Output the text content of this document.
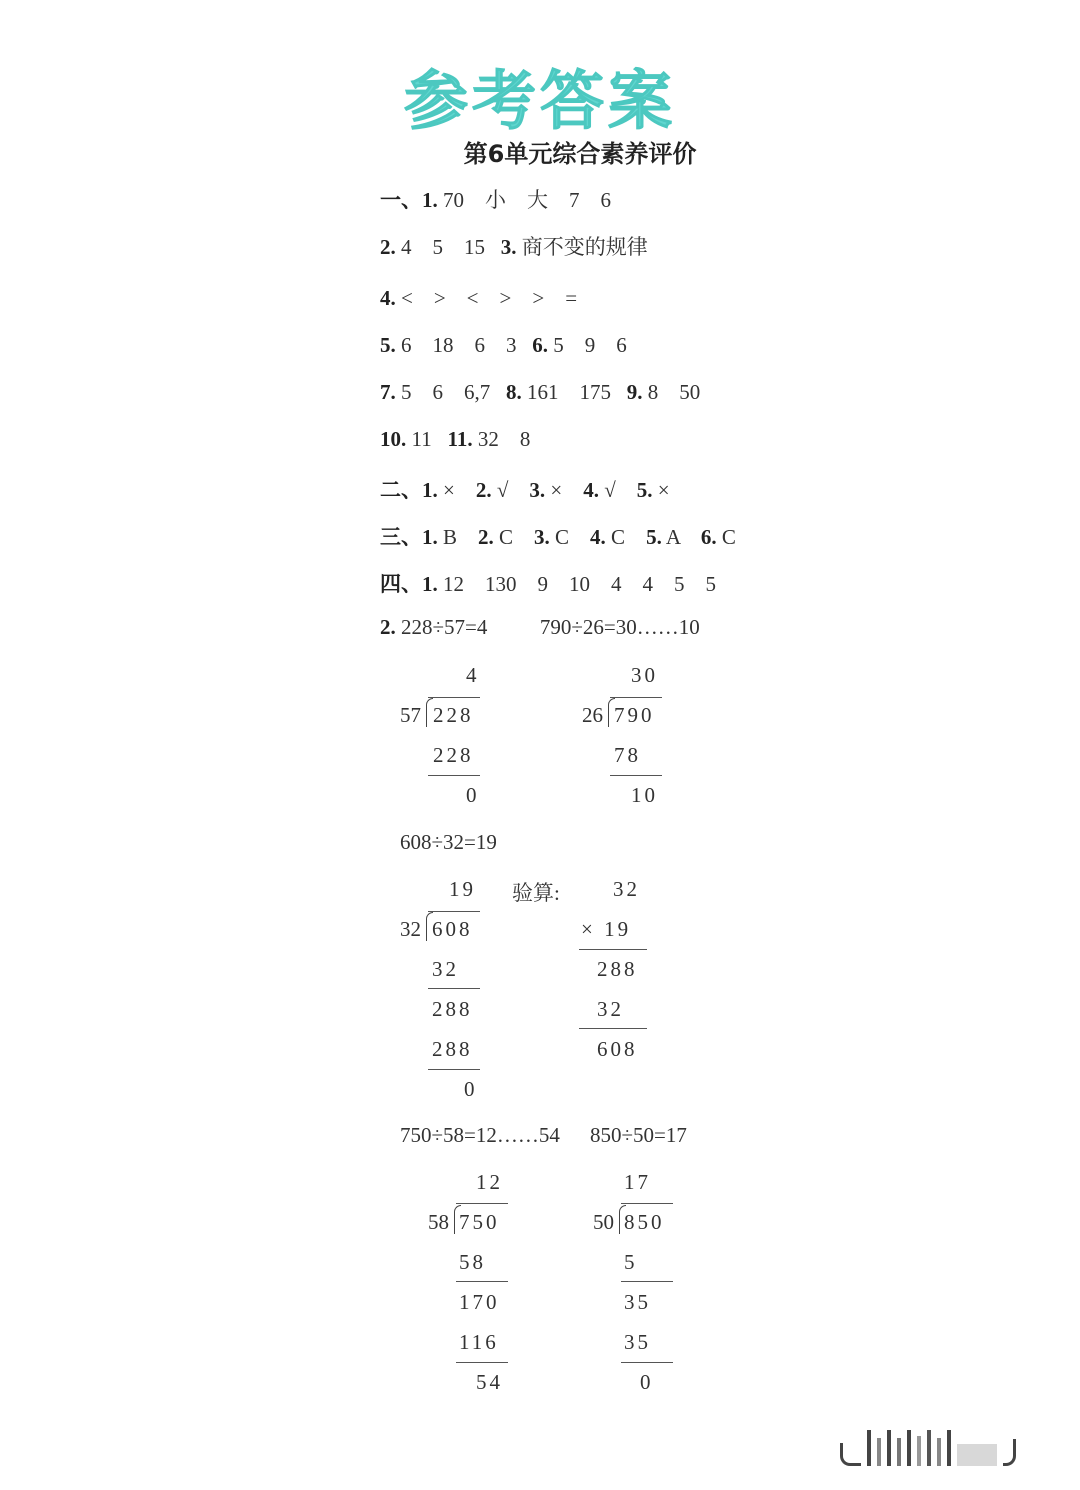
参考答案
第6单元综合素养评价
一、1. 70    小    大    7    6
2. 4    5    15   3. 商不变的规律
4. <    >    <    >    >    =
5. 6    18    6    3   6. 5    9    6
7. 5    6    6,7   8. 161    175   9. 8    50
10. 11   11. 32    8
二、1. ×    2. √    3. ×    4. √    5. ×
三、1. B    2. C    3. C    4. C    5. A    6. C
四、1. 12    130    9    10    4    4    5    5
2. 228÷57=4          790÷26=30……10
4
57 228
228
0
30
26 790
78
10
608÷32=19
19
32 608
32
288
288
0
验算:	32
× 19
288
32
608
750÷58=12……54 850÷50=17
12
58 750
58
170
116
54
17
50 850
5
35
35
0
